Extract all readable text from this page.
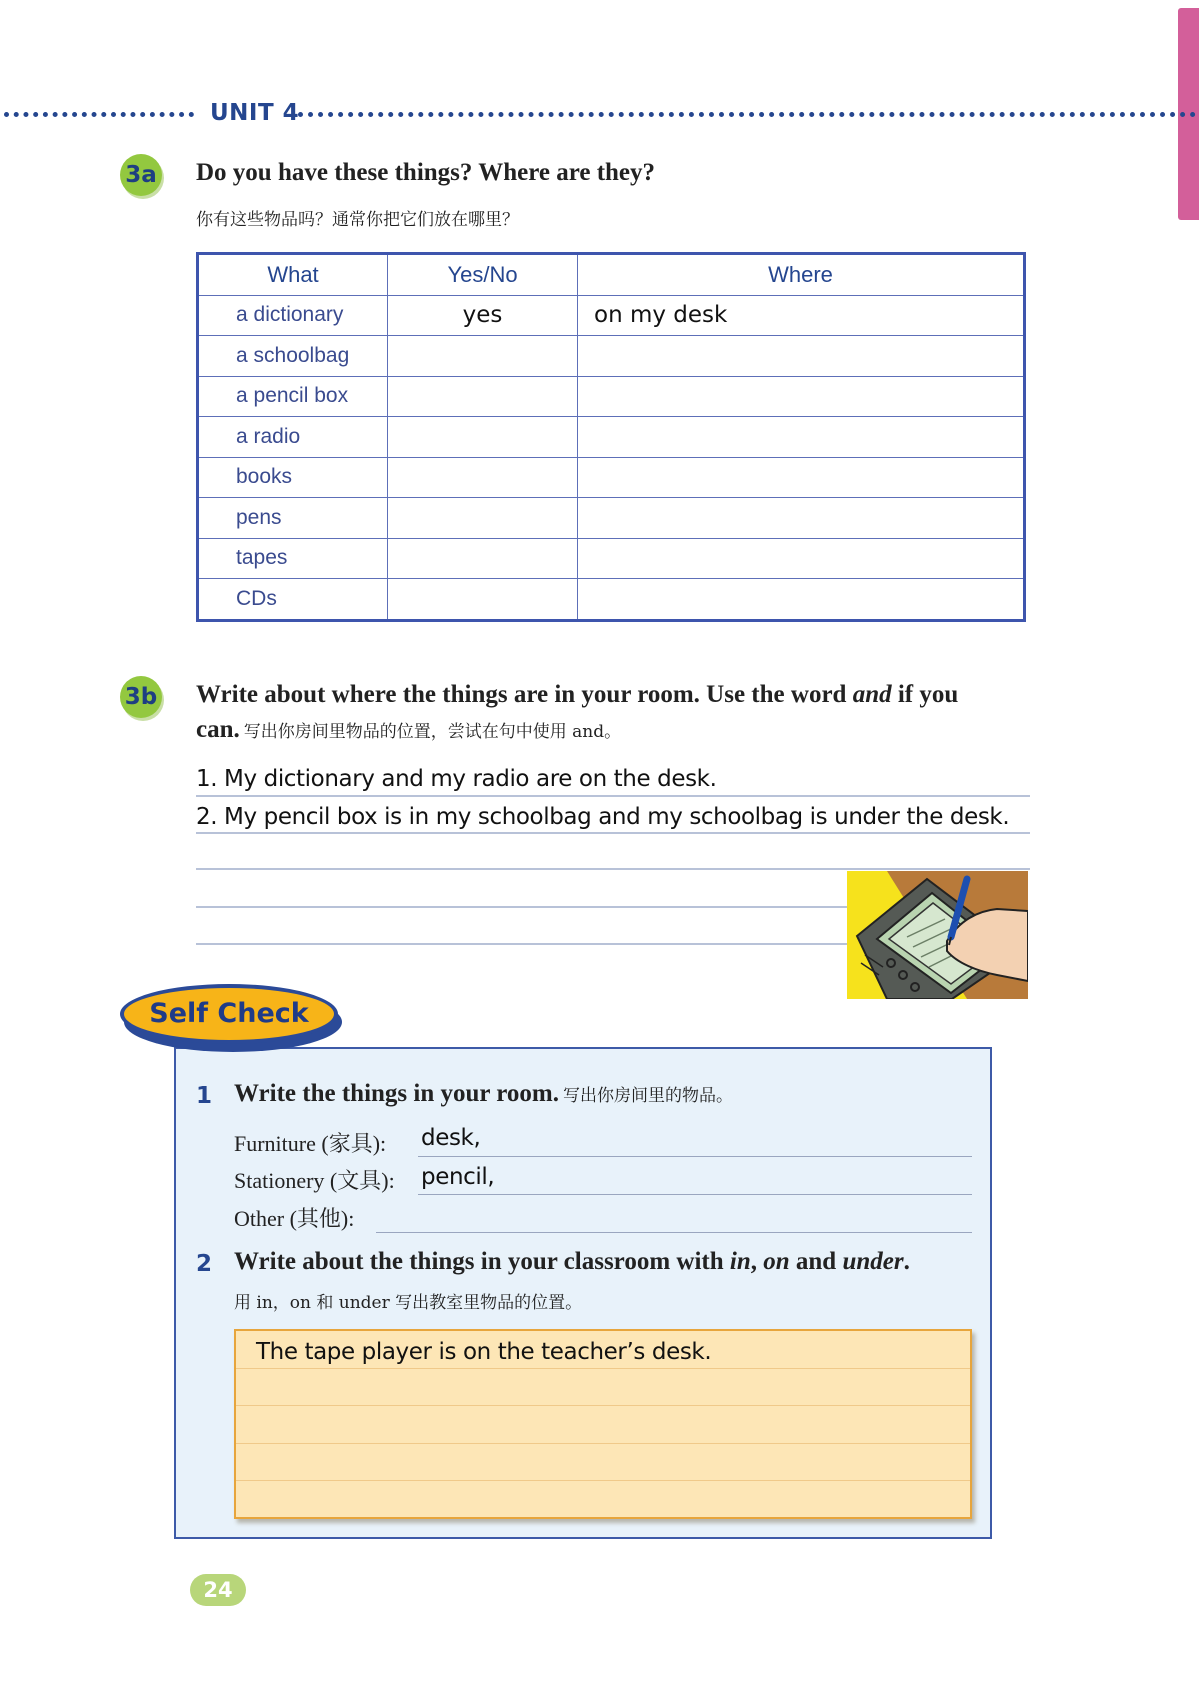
UNIT 4
3a Do you have these things? Where are they?
你有这些物品吗？通常你把它们放在哪里？
What	Yes/No	Where
a dictionary	yes	on my desk
a schoolbag		
a pencil box		
a radio		
books		
pens		
tapes		
CDs		
3b Write about where the things are in your room. Use the word and if you
can. 写出你房间里物品的位置，尝试在句中使用 and。
1. My dictionary and my radio are on the desk.
2. My pencil box is in my schoolbag and my schoolbag is under the desk.
Self Check
1 Write the things in your room. 写出你房间里的物品。
Furniture (家具): desk,
Stationery (文具): pencil,
Other (其他):
2 Write about the things in your classroom with in, on and under.
用 in，on 和 under 写出教室里物品的位置。
The tape player is on the teacher’s desk.
24
